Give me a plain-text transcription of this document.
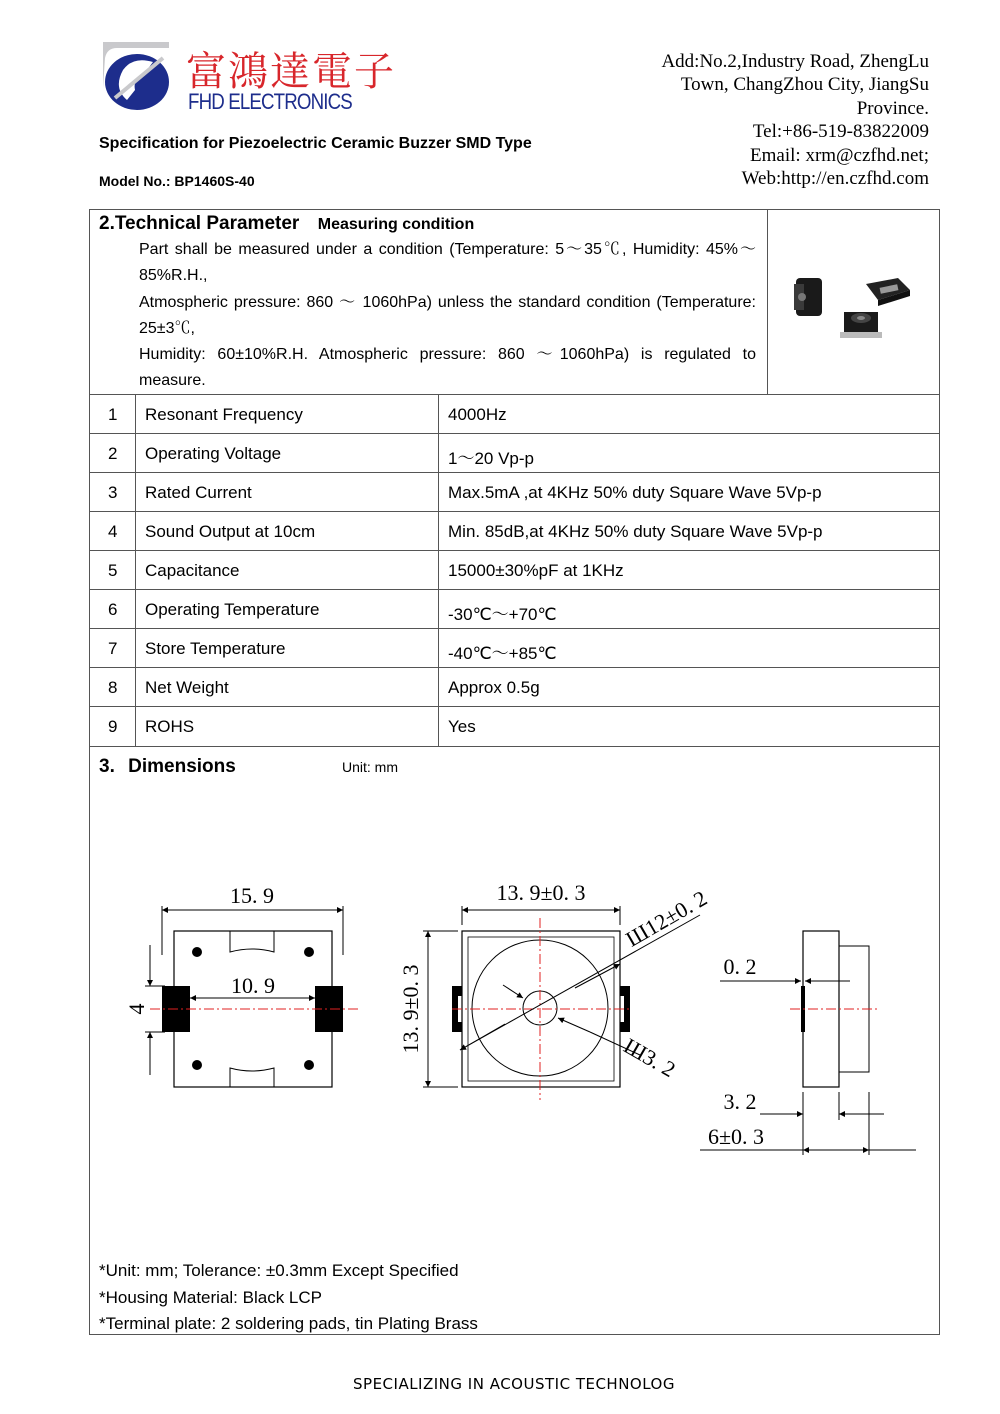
富鴻達電子
FHD ELECTRONICS
Add:No.2,Industry Road, ZhengLu
Town, ChangZhou City, JiangSu
Province.
Tel:+86-519-83822009
Email: xrm@czfhd.net;
Web:http://en.czfhd.com
Specification for Piezoelectric Ceramic Buzzer SMD Type
Model No.: BP1460S-40
2.Technical Parameter Measuring condition
Part shall be measured under a condition (Temperature: 5～35℃, Humidity: 45%～85%R.H.,
Atmospheric pressure: 860 ～ 1060hPa) unless the standard condition (Temperature: 25±3℃,
Humidity: 60±10%R.H. Atmospheric pressure: 860 ～1060hPa) is regulated to measure.
1 Resonant Frequency	4000Hz
2 Operating Voltage	1～20 Vp-p
3 Rated Current	Max.5mA ,at 4KHz 50% duty Square Wave 5Vp-p
4 Sound Output at 10cm	Min. 85dB,at 4KHz 50% duty Square Wave 5Vp-p
5 Capacitance	15000±30%pF at 1KHz
6 Operating Temperature	-30℃～+70℃
7 Store Temperature	-40℃～+85℃
8 Net Weight	Approx 0.5g
9 ROHS	Yes
3. Dimensions	Unit: mm
15. 9
10. 9
4
13. 9±0. 3
13. 9±0. 3
Ш12±0. 2
Ш3. 2
0. 2
3. 2
6±0. 3
*Unit: mm; Tolerance: ±0.3mm Except Specified
*Housing Material: Black LCP
*Terminal plate: 2 soldering pads, tin Plating Brass
SPECIALIZING IN ACOUSTIC TECHNOLOG
